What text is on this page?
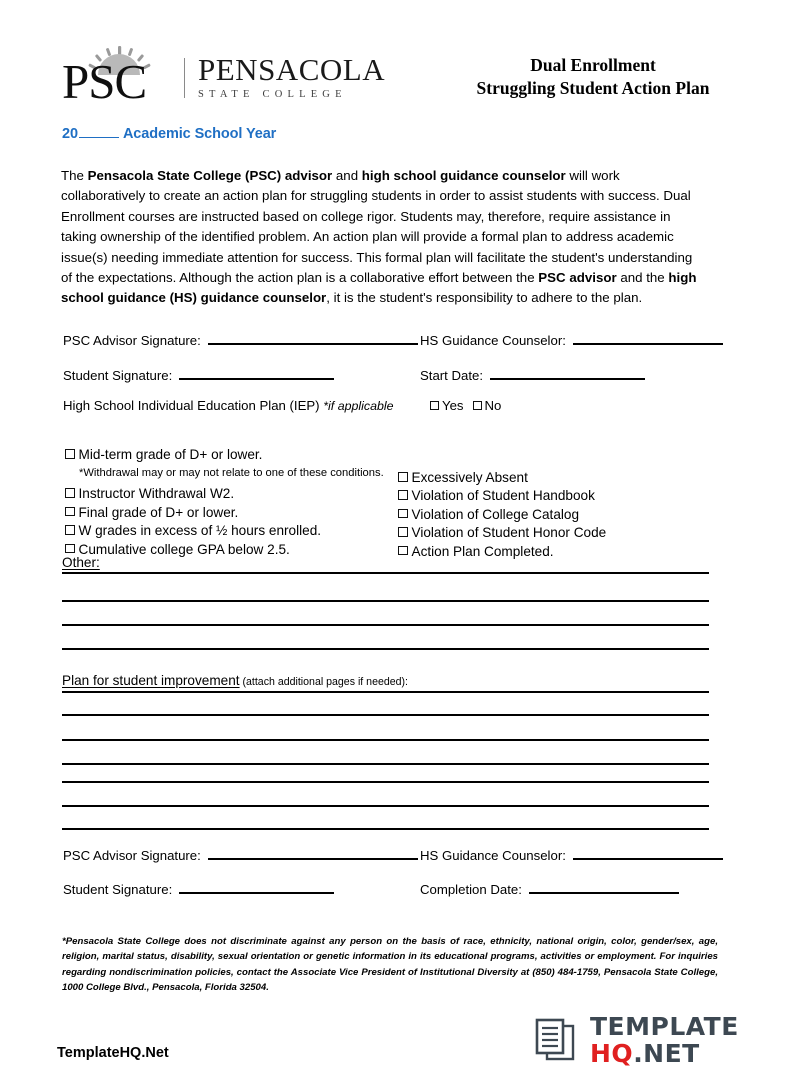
PSC PENSACOLA
STATE COLLEGE
Dual Enrollment
Struggling Student Action Plan
20	Academic School Year
The Pensacola State College (PSC) advisor and high school guidance counselor will work collaboratively to create an action plan for struggling students in order to assist students with success. Dual Enrollment courses are instructed based on college rigor. Students may, therefore, require assistance in taking ownership of the identified problem. An action plan will provide a formal plan to address academic issue(s) needing immediate attention for success. This formal plan will facilitate the student's understanding of the expectations. Although the action plan is a collaborative effort between the PSC advisor and the high school guidance (HS) guidance counselor, it is the student's responsibility to adhere to the plan.
PSC Advisor Signature:	HS Guidance Counselor:
Student Signature:	Start Date:
High School Individual Education Plan (IEP) *if applicable	Yes No
Mid-term grade of D+ or lower.
*Withdrawal may or may not relate to one of these conditions.
Instructor Withdrawal W2.
Final grade of D+ or lower.
W grades in excess of ½ hours enrolled.
Cumulative college GPA below 2.5.
Excessively Absent
Violation of Student Handbook
Violation of College Catalog
Violation of Student Honor Code
Action Plan Completed.
Other:
Plan for student improvement (attach additional pages if needed):
PSC Advisor Signature:	HS Guidance Counselor:
Student Signature:	Completion Date:
*Pensacola State College does not discriminate against any person on the basis of race, ethnicity, national origin, color, gender/sex, age, religion, marital status, disability, sexual orientation or genetic information in its educational programs, activities or employment. For inquiries regarding nondiscrimination policies, contact the Associate Vice President of Institutional Diversity at (850) 484-1759, Pensacola State College, 1000 College Blvd., Pensacola, Florida 32504.
TemplateHQ.Net
TEMPLATE
HQ.NET
